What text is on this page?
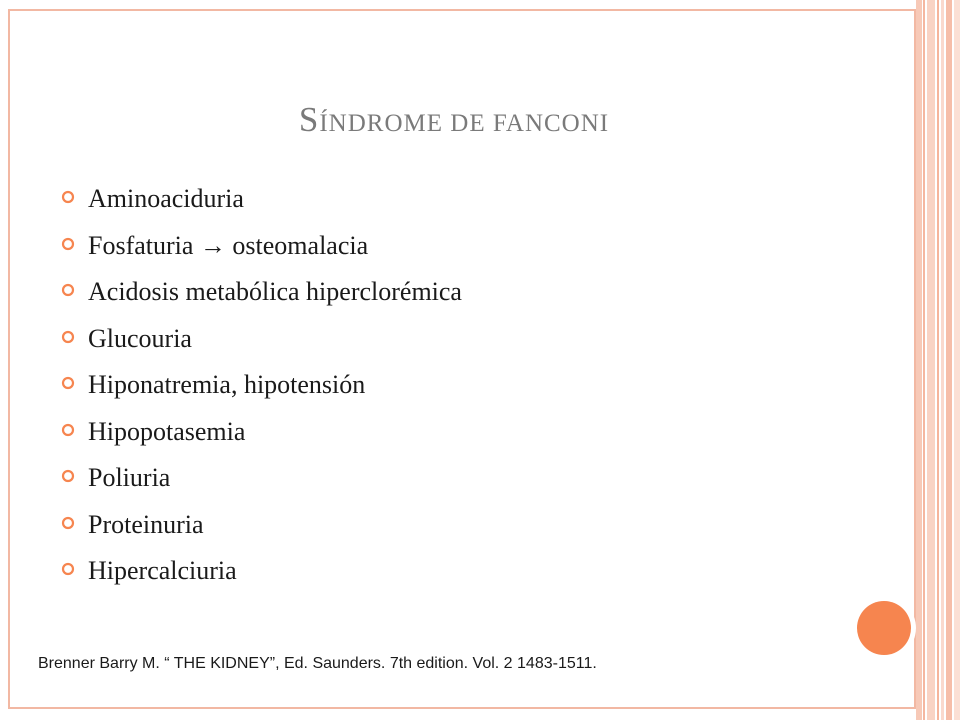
SÍNDROME DE FANCONI
Aminoaciduria
Fosfaturia → osteomalacia
Acidosis metabólica hiperclorémica
Glucouria
Hiponatremia, hipotensión
Hipopotasemia
Poliuria
Proteinuria
Hipercalciuria
Brenner Barry M. “ THE KIDNEY”, Ed. Saunders. 7th edition. Vol. 2 1483-1511.
